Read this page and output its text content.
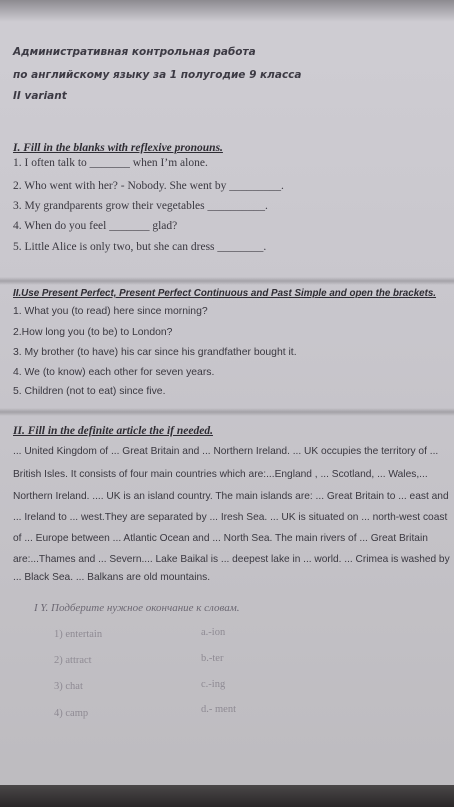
Административная контрольная работа
по английскому языку за 1 полугодие 9 класса
II variant
I. Fill in the blanks with reflexive pronouns.
1. I often talk to _______ when I’m alone.
2. Who went with her? - Nobody. She went by _________.
3. My grandparents grow their vegetables __________.
4. When do you feel _______ glad?
5. Little Alice is only two, but she can dress ________.
II.Use Present Perfect, Present Perfect Continuous and Past Simple and open the brackets.
1. What you (to read) here since morning?
2.How long you (to be) to London?
3. My brother (to have) his car since his grandfather bought it.
4. We (to know) each other for seven years.
5. Children (not to eat) since five.
II. Fill in the definite article the if needed.
... United Kingdom of ... Great Britain and ... Northern Ireland. ... UK occupies the territory of ...
British Isles. It consists of four main countries which are:...England , ... Scotland, ... Wales,...
Northern Ireland. .... UK is an island country. The main islands are: ... Great Britain to ... east and
... Ireland to ... west.They are separated by ... Iresh Sea. ... UK is situated on ... north-west coast
of ... Europe between ... Atlantic Ocean and ... North Sea. The main rivers of ... Great Britain
are:...Thames and ... Severn.... Lake Baikal is ... deepest lake in ... world. ... Crimea is washed by
... Black Sea. ... Balkans are old mountains.
I Y. Подберите нужное окончание к словам.
1) entertain
2) attract
3) chat
4) camp
a.-ion
b.-ter
c.-ing
d.- ment
